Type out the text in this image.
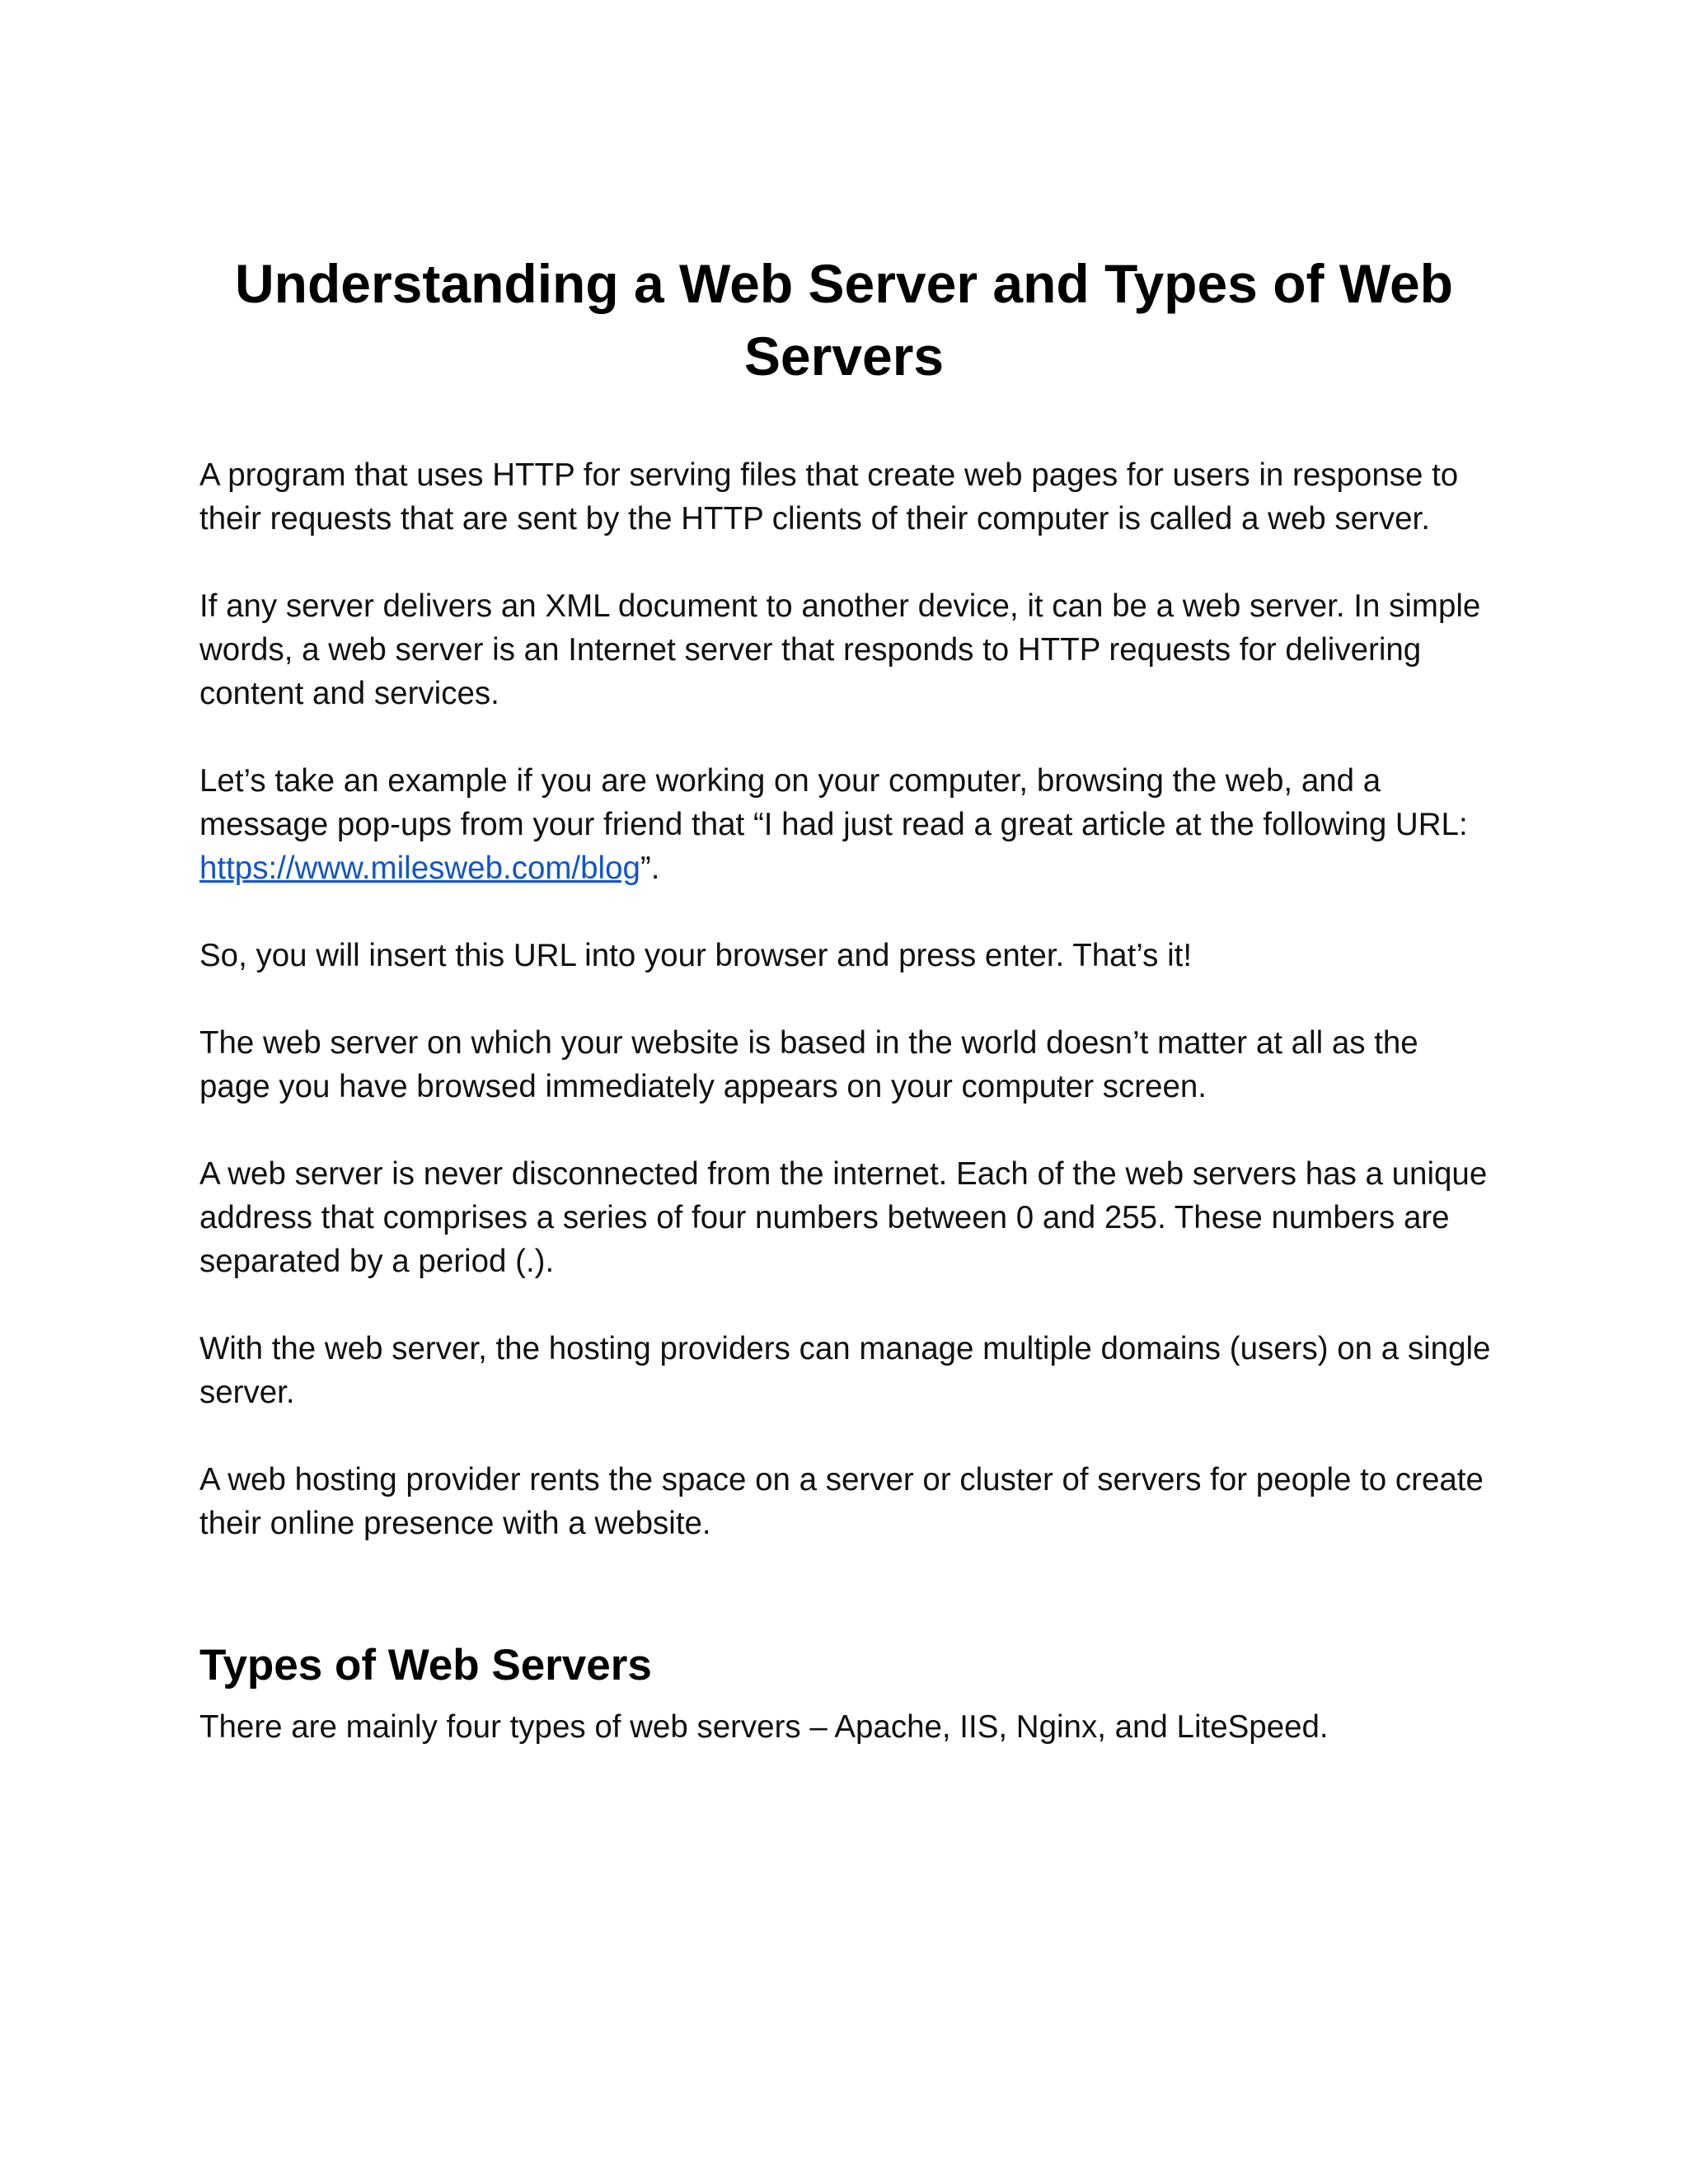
Understanding a Web Server and Types of Web Servers

A program that uses HTTP for serving files that create web pages for users in response to their requests that are sent by the HTTP clients of their computer is called a web server.

If any server delivers an XML document to another device, it can be a web server. In simple words, a web server is an Internet server that responds to HTTP requests for delivering content and services.

Let’s take an example if you are working on your computer, browsing the web, and a message pop-ups from your friend that “I had just read a great article at the following URL: https://www.milesweb.com/blog”.

So, you will insert this URL into your browser and press enter. That’s it!

The web server on which your website is based in the world doesn’t matter at all as the page you have browsed immediately appears on your computer screen.

A web server is never disconnected from the internet. Each of the web servers has a unique address that comprises a series of four numbers between 0 and 255. These numbers are separated by a period (.).

With the web server, the hosting providers can manage multiple domains (users) on a single server.

A web hosting provider rents the space on a server or cluster of servers for people to create their online presence with a website.

Types of Web Servers

There are mainly four types of web servers – Apache, IIS, Nginx, and LiteSpeed.
